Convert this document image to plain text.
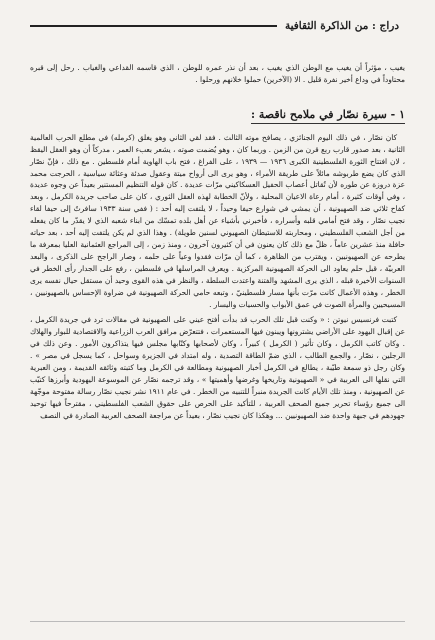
دراج : من الذاكرة الثقافية

يغيب ، مؤثراً أن يغيب مع الوطن الذي يغيب ، بعد أن نذر عمره للوطن ، الذي قاسمه القداعي والغياب . رحل إلى قبره محتاوداً في وداع أخير نفرة قليل . الا (الآخرين) حملوا خلانهم ورحلوا .

١ - سيرة نصّار في ملامح ناقصة :

كان نصّار ، في ذلك اليوم الجنائزي ، يصافح موته الثالث . فقد لقي الثاني وهو يغلق (كرمله) في مطلع الحرب العالمية الثانية ، بعد صدور قارب ربع قرن من الزمن . وربما كان ، وهو يُضمت صوته ، يشعر بعبء العمر ، مدركاً أن وهو العقل اليقظ ، لان افتتاح الثورة الفلسطينية الكبرى ١٩٣٦ — ١٩٣٩ ، على الفراغ ، فتح باب الهاوية أمام فلسطين . مع ذلك ، فإنّ نصّار الذي كان يضع طربوشه مائلاً على طريقة الأمراء ، وهو يرى الى أرواح ميتة وعقول صدئة وعثائة سياسية ، الحرجت محمد عزة دروزة عن طوره لأن تُقاتل أعصاب الحفيل العسكاكيني مرّات عديدة . كان قوله التنظيم المستنير بعيداً عن وجوه عديدة ، وفي أوقات كثيرة ، أمام رعاة الاعيان المحلية ، ولأنّ الخطابة لهذه العقل الثوري ، كان على صاحب جريدة الكرمل ، وبعد كفاح ثلاثي ضد الصهيونية ، أن يمشي في شوارع حيفا وحيداً ، لا يلتفت إليه أحد : ( ففي سنة ١٩٣٣ سافرتُ إلى حيفا لقاء نجيب نصّار ، وقد فتح أمامي قلبه وأسراره ، فأخبرني بأشياء عن أهل بلده تمسّك من ابناء شعبه الذي لا يقدّر ما كان يفعله من أجل الشعب الفلسطيني ، ومحاربته للاستيطان الصهيوني لسنين طويلة) . وهذا الذي لم يكن يلتفت إليه أحد ، بعد حياته حافلة منذ عشرين عاماً ، ظلّ مع ذلك كان يعنون في أن كثيرون آخرون ، ومنذ زمن ، إلى المراجع العثمانية العليا بمعرفة ما يطرحه عن الصهيونيين ، ويقترب من الظاهرة ، كما أن مرّات فقدوا وعياً على حلمه ، وصار الراجح على الذكرى ، والبعد العربيّة ، قبل حلم يعاود الى الحركة الصهيونية المركزية . ويعرف المراسلها في فلسطين ، رفع على الجدار رأى الخطر في السنوات الأخيرة قبله ، الذي يرى المشهد والفتنة واعتدت السلطة ، والنظر في هذه القوى وحيد أن مستقل حيال نفسه يرى الخطر ، وهذه الأعمال كانت مرّت بأنها مسار فلسطينيّ ، وتبعه حامي الحركة الصهيونية في ضراوة الإحساس بالصهيونيين ، المسيحيين والمرأة الصوت في عمق الأبواب والحسيات واليسار .

كتبت فرنسيس نيوتن : « وكنت قبل تلك الحرب قد بدأت أفتح عيني على الصهيونية في مقالات ترد في جريدة الكرمل ، عن إقبال اليهود على الأراضي يشترونها ويبنون فيها المستعمرات ، فتتعرّض مرافق العرب الزراعية والاقتصادية للبوار والهلاك . وكان كاتب الكرمل ، وكان تأثير ( الكرمل ) كبيراً ، وكان لأصحابها وكتّابها مجلس فيها يتذاكرون الأمور . وعن ذلك في الرجلين ، نصّار ، والجمع الطالب ، الذي ضمّ الطاقة التصدية ، وله امتداد في الجزيرة وسواحل ، كما يسجل في مصر » . وكان رجل ذو سمعة طيّبة ، يطالع في الكرمل أخبار الصهيونية ومطالعة في الكرمل وما كتبته وثائقه القديمة ، ومن العبرية التي نقلها الى العربية في « الصهيونية وتاريخها وغرضها وأهميتها » ، وقد ترجمه نصّار عن الموسوعة اليهودية وأبرزها كتيّب عن الصهيونية ، ومنذ تلك الأيام كانت الجريدة منبراً للتنبيه من الخطر . في عام ١٩١١ نشر نجيب نصّار رسالة مفتوحة موجّهة الى جميع رؤساء تحرير جميع الصحف العربية ، للتأكيد على الحرص على حقوق الشعب الفلسطيني ، مقترحاً فيها توحيد جهودهم في جبهة واحدة ضد الصهيونيين ... وهكذا كان نجيب نصّار ، بعيداً عن مراجعة الصحف العربية الصادرة في النصف
